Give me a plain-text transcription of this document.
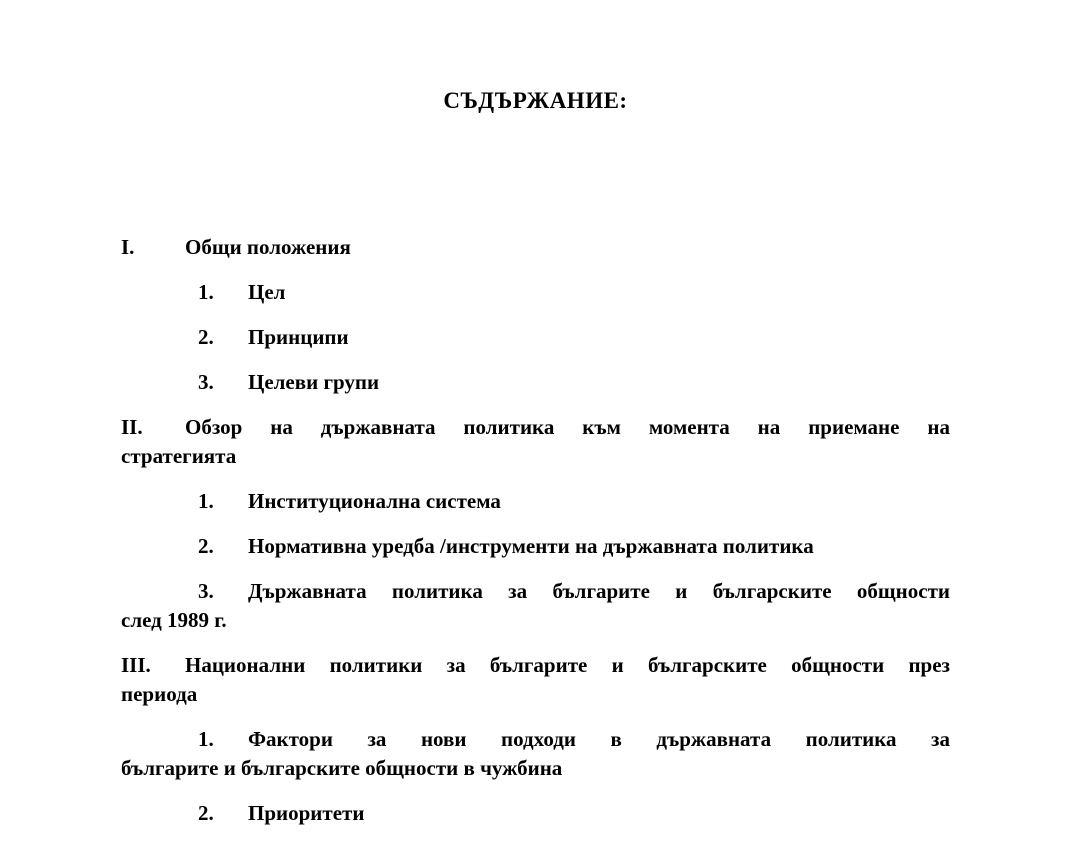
СЪДЪРЖАНИЕ:
I. Общи положения
1. Цел
2. Принципи
3. Целеви групи
II. Обзор на държавната политика към момента на приемане на
стратегията
1. Институционална система
2. Нормативна уредба /инструменти на държавната политика
3. Държавната политика за българите и българските общности
след 1989 г.
III. Национални политики за българите и българските общности през
периода
1. Фактори за нови подходи в държавната политика за
българите и българските общности в чужбина
2. Приоритети
